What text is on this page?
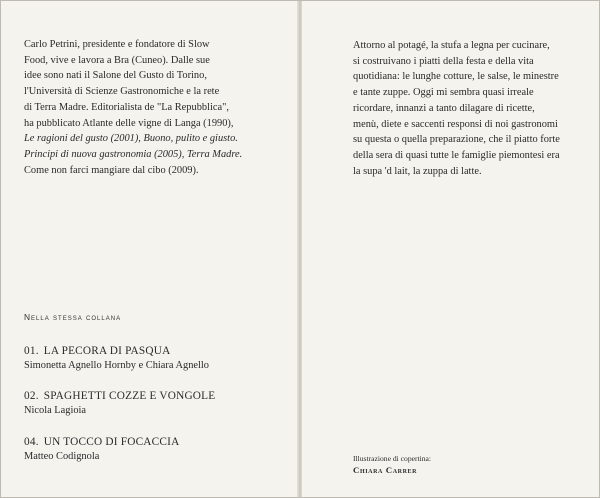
Carlo Petrini, presidente e fondatore di Slow

Food, vive e lavora a Bra (Cuneo). Dalle sue

idee sono nati il Salone del Gusto di Torino,

l'Università di Scienze Gastronomiche e la rete

di Terra Madre. Editorialista de "La Repubblica",

ha pubblicato Atlante delle vigne di Langa (1990),

Le ragioni del gusto (2001), Buono, pulito e giusto.

Principi di nuova gastronomia (2005), Terra Madre.

Come non farci mangiare dal cibo (2009).

Nella stessa collana
01. LA PECORA DI PASQUA
Simonetta Agnello Hornby e Chiara Agnello
02. SPAGHETTI COZZE E VONGOLE
Nicola Lagioia
04. UN TOCCO DI FOCACCIA
Matteo Codignola

Attorno al potagé, la stufa a legna per cucinare,

si costruivano i piatti della festa e della vita

quotidiana: le lunghe cotture, le salse, le minestre

e tante zuppe. Oggi mi sembra quasi irreale

ricordare, innanzi a tanto dilagare di ricette,

menù, diete e saccenti responsi di noi gastronomi

su questa o quella preparazione, che il piatto forte

della sera di quasi tutte le famiglie piemontesi era

la supa 'd lait, la zuppa di latte.

Illustrazione di copertina:
Chiara Carrer
